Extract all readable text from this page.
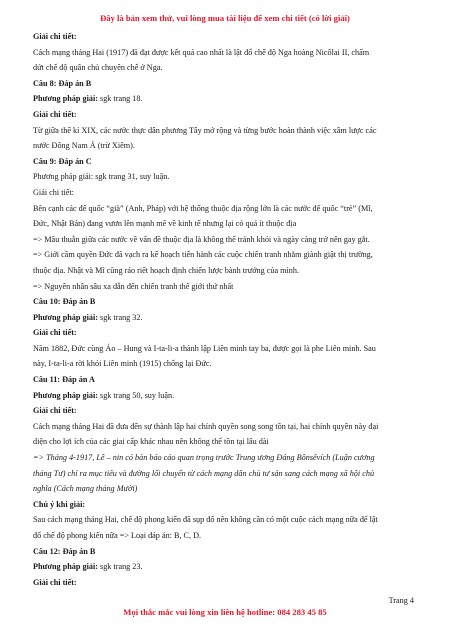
Đây là bản xem thử, vui lòng mua tài liệu để xem chi tiết (có lời giải)

Giải chi tiết:

Cách mạng tháng Hai (1917) đã đạt được kết quả cao nhất là lật đổ chế độ Nga hoàng Nicôlai II, chấm

dứt chế độ quân chủ chuyên chế ở Nga.

Câu 8: Đáp án B

Phương pháp giải: sgk trang 18.

Giải chi tiết:

Từ giữa thế kỉ XIX, các nước thực dân phương Tây mở rộng và từng bước hoàn thành việc xâm lược các

nước Đông Nam Á (trừ Xiêm).

Câu 9: Đáp án C

Phương pháp giải: sgk trang 31, suy luận.

Giải chi tiết:

Bên cạnh các đế quốc “già” (Anh, Pháp) với hệ thống thuộc địa rộng lớn là các nước đế quốc “trẻ” (Mĩ,

Đức, Nhật Bản) đang vươn lên mạnh mẽ về kinh tế nhưng lại có quá ít thuộc địa

=> Mâu thuẫn giữa các nước về vấn đề thuộc địa là không thể tránh khỏi và ngày càng trở nên gay gắt.

=> Giới cầm quyền Đức đã vạch ra kế hoạch tiến hành các cuộc chiến tranh nhằm giành giật thị trường,

thuộc địa. Nhật và Mĩ cũng ráo riết hoạch định chiến lược bành trướng của mình.

=> Nguyên nhân sâu xa dẫn đến chiến tranh thế giới thứ nhất

Câu 10: Đáp án B

Phương pháp giải: sgk trang 32.

Giải chi tiết:

Năm 1882, Đức cùng Áo – Hung và I-ta-li-a thành lập Liên minh tay ba, được gọi là phe Liên minh. Sau

này, I-ta-li-a rời khỏi Liên minh (1915) chống lại Đức.

Câu 11: Đáp án A

Phương pháp giải: sgk trang 50, suy luận.

Giải chi tiết:

Cách mạng tháng Hai đã đưa đến sự thành lập hai chính quyền song song tồn tại, hai chính quyền này đại

diện cho lợi ích của các giai cấp khác nhau nên không thể tồn tại lâu dài

=> Tháng 4-1917, Lê – nin có bản báo cáo quan trọng trước Trung ương Đảng Bônsêvích (Luận cương

tháng Tư) chỉ ra mục tiêu và đường lối chuyển từ cách mạng dân chủ tư sản sang cách mạng xã hội chủ

nghĩa (Cách mạng tháng Mười)

Chú ý khi giải:

Sau cách mạng tháng Hai, chế độ phong kiến đã sụp đổ nên không cần có một cuộc cách mạng nữa để lật

đổ chế độ phong kiến nữa => Loại đáp án: B, C, D.

Câu 12: Đáp án B

Phương pháp giải: sgk trang 23.

Giải chi tiết:

Trang 4
Mọi thắc mắc vui lòng xin liên hệ hotline: 084 283 45 85
